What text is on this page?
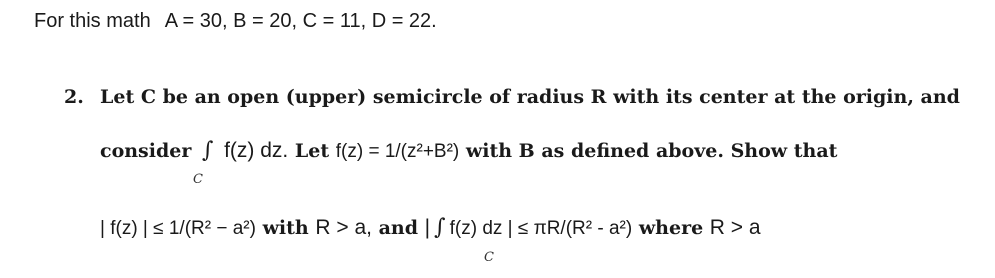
For this math A = 30, B = 20, C = 11, D = 22.
2. Let C be an open (upper) semicircle of radius R with its center at the origin, and
consider ∫ f(z) dz. Let f(z) = 1/(z²+B²) with B as defined above. Show that
C
| f(z) | ≤ 1/(R² − a²) with R > a, and | ∫ f(z) dz | ≤ πR/(R² - a²) where R > a
C
